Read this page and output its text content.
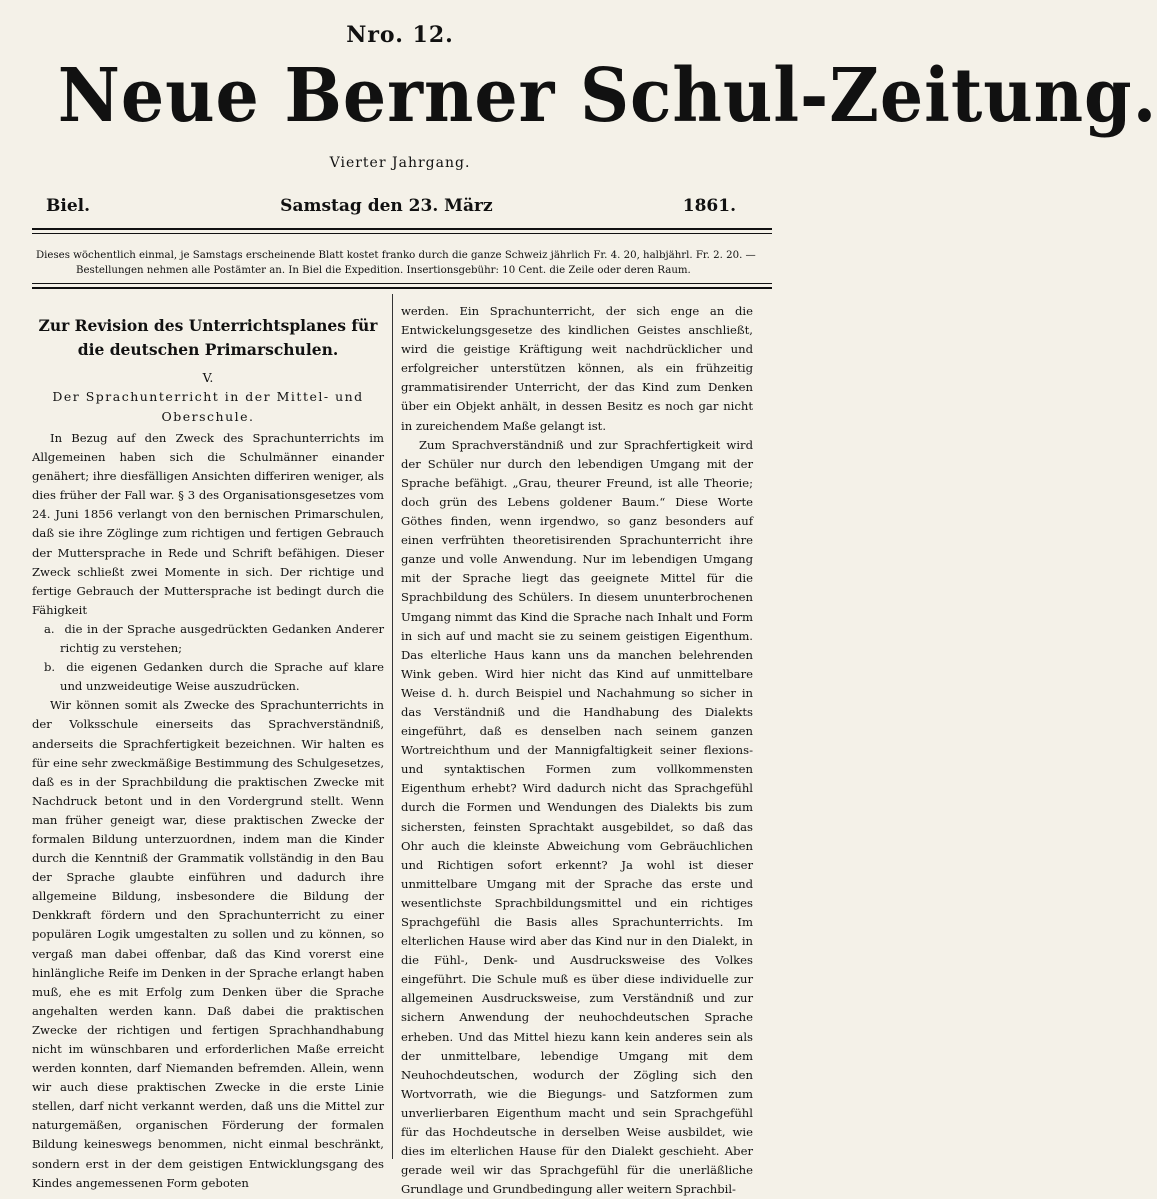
Nro. 12.
Neue Berner Schul-Zeitung.
Vierter Jahrgang.
Biel.	Samstag den 23. März	1861.
Dieses wöchentlich einmal, je Samstags erscheinende Blatt kostet franko durch die ganze Schweiz jährlich Fr. 4. 20, halbjährl. Fr. 2. 20. —
Bestellungen nehmen alle Postämter an. In Biel die Expedition. Insertionsgebühr: 10 Cent. die Zeile oder deren Raum.
Zur Revision des Unterrichtsplanes für die deutschen Primarschulen.
V.
Der Sprachunterricht in der Mittel- und Oberschule.

In Bezug auf den Zweck des Sprachunterrichts im Allgemeinen haben sich die Schulmänner einander genähert; ihre diesfälligen Ansichten differiren weniger, als dies früher der Fall war. § 3 des Organisationsgesetzes vom 24. Juni 1856 verlangt von den bernischen Primarschulen, daß sie ihre Zöglinge zum richtigen und fertigen Gebrauch der Muttersprache in Rede und Schrift befähigen. Dieser Zweck schließt zwei Momente in sich. Der richtige und fertige Gebrauch der Muttersprache ist bedingt durch die Fähigkeit

a. die in der Sprache ausgedrückten Gedanken Anderer richtig zu verstehen;
b. die eigenen Gedanken durch die Sprache auf klare und unzweideutige Weise auszudrücken.

Wir können somit als Zwecke des Sprachunterrichts in der Volksschule einerseits das Sprachverständniß, anderseits die Sprachfertigkeit bezeichnen. Wir halten es für eine sehr zweckmäßige Bestimmung des Schulgesetzes, daß es in der Sprachbildung die praktischen Zwecke mit Nachdruck betont und in den Vordergrund stellt. Wenn man früher geneigt war, diese praktischen Zwecke der formalen Bildung unterzuordnen, indem man die Kinder durch die Kenntniß der Grammatik vollständig in den Bau der Sprache glaubte einführen und dadurch ihre allgemeine Bildung, insbesondere die Bildung der Denkkraft fördern und den Sprachunterricht zu einer populären Logik umgestalten zu sollen und zu können, so vergaß man dabei offenbar, daß das Kind vorerst eine hinlängliche Reife im Denken in der Sprache erlangt haben muß, ehe es mit Erfolg zum Denken über die Sprache angehalten werden kann. Daß dabei die praktischen Zwecke der richtigen und fertigen Sprachhandhabung nicht im wünschbaren und erforderlichen Maße erreicht werden konnten, darf Niemanden befremden. Allein, wenn wir auch diese praktischen Zwecke in die erste Linie stellen, darf nicht verkannt werden, daß uns die Mittel zur naturgemäßen, organischen Förderung der formalen Bildung keineswegs benommen, nicht einmal beschränkt, sondern erst in der dem geistigen Entwicklungsgang des Kindes angemessenen Form geboten

werden. Ein Sprachunterricht, der sich enge an die Entwickelungsgesetze des kindlichen Geistes anschließt, wird die geistige Kräftigung weit nachdrücklicher und erfolgreicher unterstützen können, als ein frühzeitig grammatisirender Unterricht, der das Kind zum Denken über ein Objekt anhält, in dessen Besitz es noch gar nicht in zureichendem Maße gelangt ist.

Zum Sprachverständniß und zur Sprachfertigkeit wird der Schüler nur durch den lebendigen Umgang mit der Sprache befähigt. „Grau, theurer Freund, ist alle Theorie; doch grün des Lebens goldener Baum.“ Diese Worte Göthes finden, wenn irgendwo, so ganz besonders auf einen verfrühten theoretisirenden Sprachunterricht ihre ganze und volle Anwendung. Nur im lebendigen Umgang mit der Sprache liegt das geeignete Mittel für die Sprachbildung des Schülers. In diesem ununterbrochenen Umgang nimmt das Kind die Sprache nach Inhalt und Form in sich auf und macht sie zu seinem geistigen Eigenthum. Das elterliche Haus kann uns da manchen belehrenden Wink geben. Wird hier nicht das Kind auf unmittelbare Weise d. h. durch Beispiel und Nachahmung so sicher in das Verständniß und die Handhabung des Dialekts eingeführt, daß es denselben nach seinem ganzen Wortreichthum und der Mannigfaltigkeit seiner flexions- und syntaktischen Formen zum vollkommensten Eigenthum erhebt? Wird dadurch nicht das Sprachgefühl durch die Formen und Wendungen des Dialekts bis zum sichersten, feinsten Sprachtakt ausgebildet, so daß das Ohr auch die kleinste Abweichung vom Gebräuchlichen und Richtigen sofort erkennt? Ja wohl ist dieser unmittelbare Umgang mit der Sprache das erste und wesentlichste Sprachbildungsmittel und ein richtiges Sprachgefühl die Basis alles Sprachunterrichts. Im elterlichen Hause wird aber das Kind nur in den Dialekt, in die Fühl-, Denk- und Ausdrucksweise des Volkes eingeführt. Die Schule muß es über diese individuelle zur allgemeinen Ausdrucksweise, zum Verständniß und zur sichern Anwendung der neuhochdeutschen Sprache erheben. Und das Mittel hiezu kann kein anderes sein als der unmittelbare, lebendige Umgang mit dem Neuhochdeutschen, wodurch der Zögling sich den Wortvorrath, wie die Biegungs- und Satzformen zum unverlierbaren Eigenthum macht und sein Sprachgefühl für das Hochdeutsche in derselben Weise ausbildet, wie dies im elterlichen Hause für den Dialekt geschieht. Aber gerade weil wir das Sprachgefühl für die unerläßliche Grundlage und Grundbedingung aller weitern Sprachbil-
